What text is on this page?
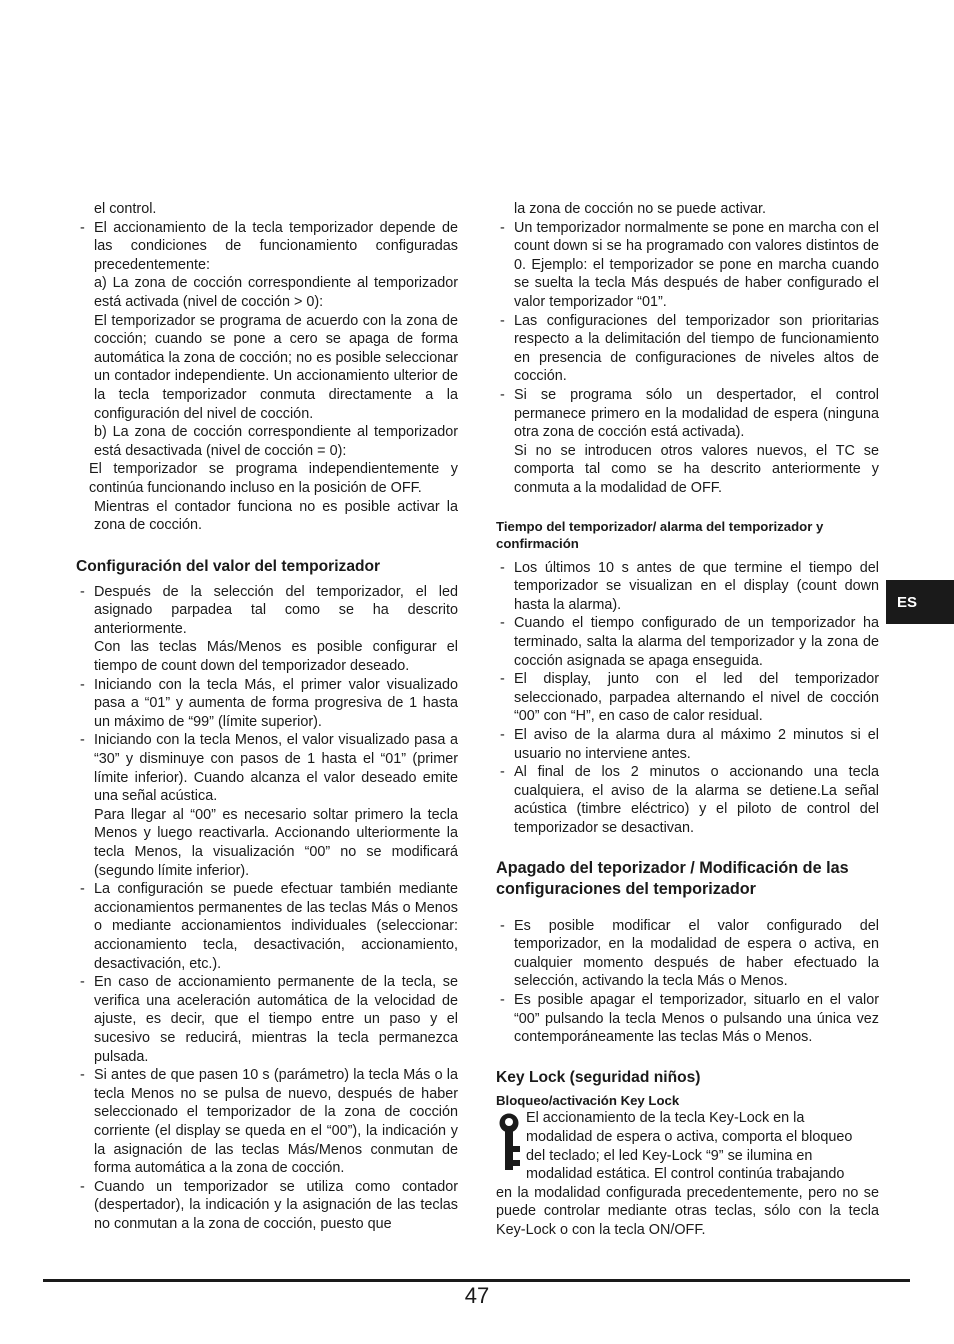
el control.

- El accionamiento de la tecla temporizador depende de las condiciones de funcionamiento configuradas precedentemente:

a) La zona de cocción correspondiente al temporizador está activada (nivel de cocción > 0):

El temporizador se programa de acuerdo con la zona de cocción; cuando se pone a cero se apaga de forma automática la zona de cocción; no es posible seleccionar un contador independiente. Un accionamiento ulterior de la tecla temporizador conmuta directamente a la configuración del nivel de cocción.

b) La zona de cocción correspondiente al temporizador está desactivada (nivel de cocción = 0):

El temporizador se programa independientemente y continúa funcionando incluso en la posición de OFF.

Mientras el contador funciona no es posible activar la zona de cocción.

Configuración del valor del temporizador

- Después de la selección del temporizador, el led asignado parpadea tal como se ha descrito anteriormente.

Con las teclas Más/Menos es posible configurar el tiempo de count down del temporizador deseado.

- Iniciando con la tecla Más, el primer valor visualizado pasa a “01” y aumenta de forma progresiva de 1 hasta un máximo de “99” (límite superior).

- Iniciando con la tecla Menos, el valor visualizado pasa a “30” y disminuye con pasos de 1 hasta el “01” (primer límite inferior). Cuando alcanza el valor deseado emite una señal acústica.

Para llegar al “00” es necesario soltar primero la tecla Menos y luego reactivarla. Accionando ulteriormente la tecla Menos, la visualización “00” no se modificará (segundo límite inferior).

- La configuración se puede efectuar también mediante accionamientos permanentes de las teclas Más o Menos o mediante accionamientos individuales (seleccionar: accionamiento tecla, desactivación, accionamiento, desactivación, etc.).

- En caso de accionamiento permanente de la tecla, se verifica una aceleración automática de la velocidad de ajuste, es decir, que el tiempo entre un paso y el sucesivo se reducirá, mientras la tecla permanezca pulsada.

- Si antes de que pasen 10 s (parámetro) la tecla Más o la tecla Menos no se pulsa de nuevo, después de haber seleccionado el temporizador de la zona de cocción corriente (el display se queda en el “00”), la indicación y la asignación de las teclas Más/Menos conmutan de forma automática a la zona de cocción.

- Cuando un temporizador se utiliza como contador (despertador), la indicación y la asignación de las teclas no conmutan a la zona de cocción, puesto que

la zona de cocción no se puede activar.

- Un temporizador normalmente se pone en marcha con el count down si se ha programado con valores distintos de 0. Ejemplo: el temporizador se pone en marcha cuando se suelta la tecla Más después de haber configurado el valor temporizador “01”.

- Las configuraciones del temporizador son prioritarias respecto a la delimitación del tiempo de funcionamiento en presencia de configuraciones de niveles altos de cocción.

- Si se programa sólo un despertador, el control permanece primero en la modalidad de espera (ninguna otra zona de cocción está activada).

Si no se introducen otros valores nuevos, el TC se comporta tal como se ha descrito anteriormente y conmuta a la modalidad de OFF.

Tiempo del temporizador/ alarma del temporizador y confirmación

- Los últimos 10 s antes de que termine el tiempo del temporizador se visualizan en el display (count down hasta la alarma).

- Cuando el tiempo configurado de un temporizador ha terminado, salta la alarma del temporizador y la zona de cocción asignada se apaga enseguida.

- El display, junto con el led del temporizador seleccionado, parpadea alternando el nivel de cocción “00” con “H”, en caso de calor residual.

- El aviso de la alarma dura al máximo 2 minutos si el usuario no interviene antes.

- Al final de los 2 minutos o accionando una tecla cualquiera, el aviso de la alarma se detiene.La señal acústica (timbre eléctrico) y el piloto de control del temporizador se desactivan.

Apagado del teporizador / Modificación de las configuraciones del temporizador

- Es posible modificar el valor configurado del temporizador, en la modalidad de espera o activa, en cualquier momento después de haber efectuado la selección, activando la tecla Más o Menos.

- Es posible apagar el temporizador, situarlo en el valor “00” pulsando la tecla Menos o pulsando una única vez contemporáneamente las teclas Más o Menos.

Key Lock (seguridad niños)

Bloqueo/activación Key Lock

El accionamiento de la tecla Key-Lock en la
modalidad de espera o activa, comporta el bloqueo
del teclado; el led Key-Lock “9” se ilumina en
modalidad estática. El control continúa trabajando
en la modalidad configurada precedentemente, pero no se puede controlar mediante otras teclas, sólo con la tecla Key-Lock o con la tecla ON/OFF.

ES
47
